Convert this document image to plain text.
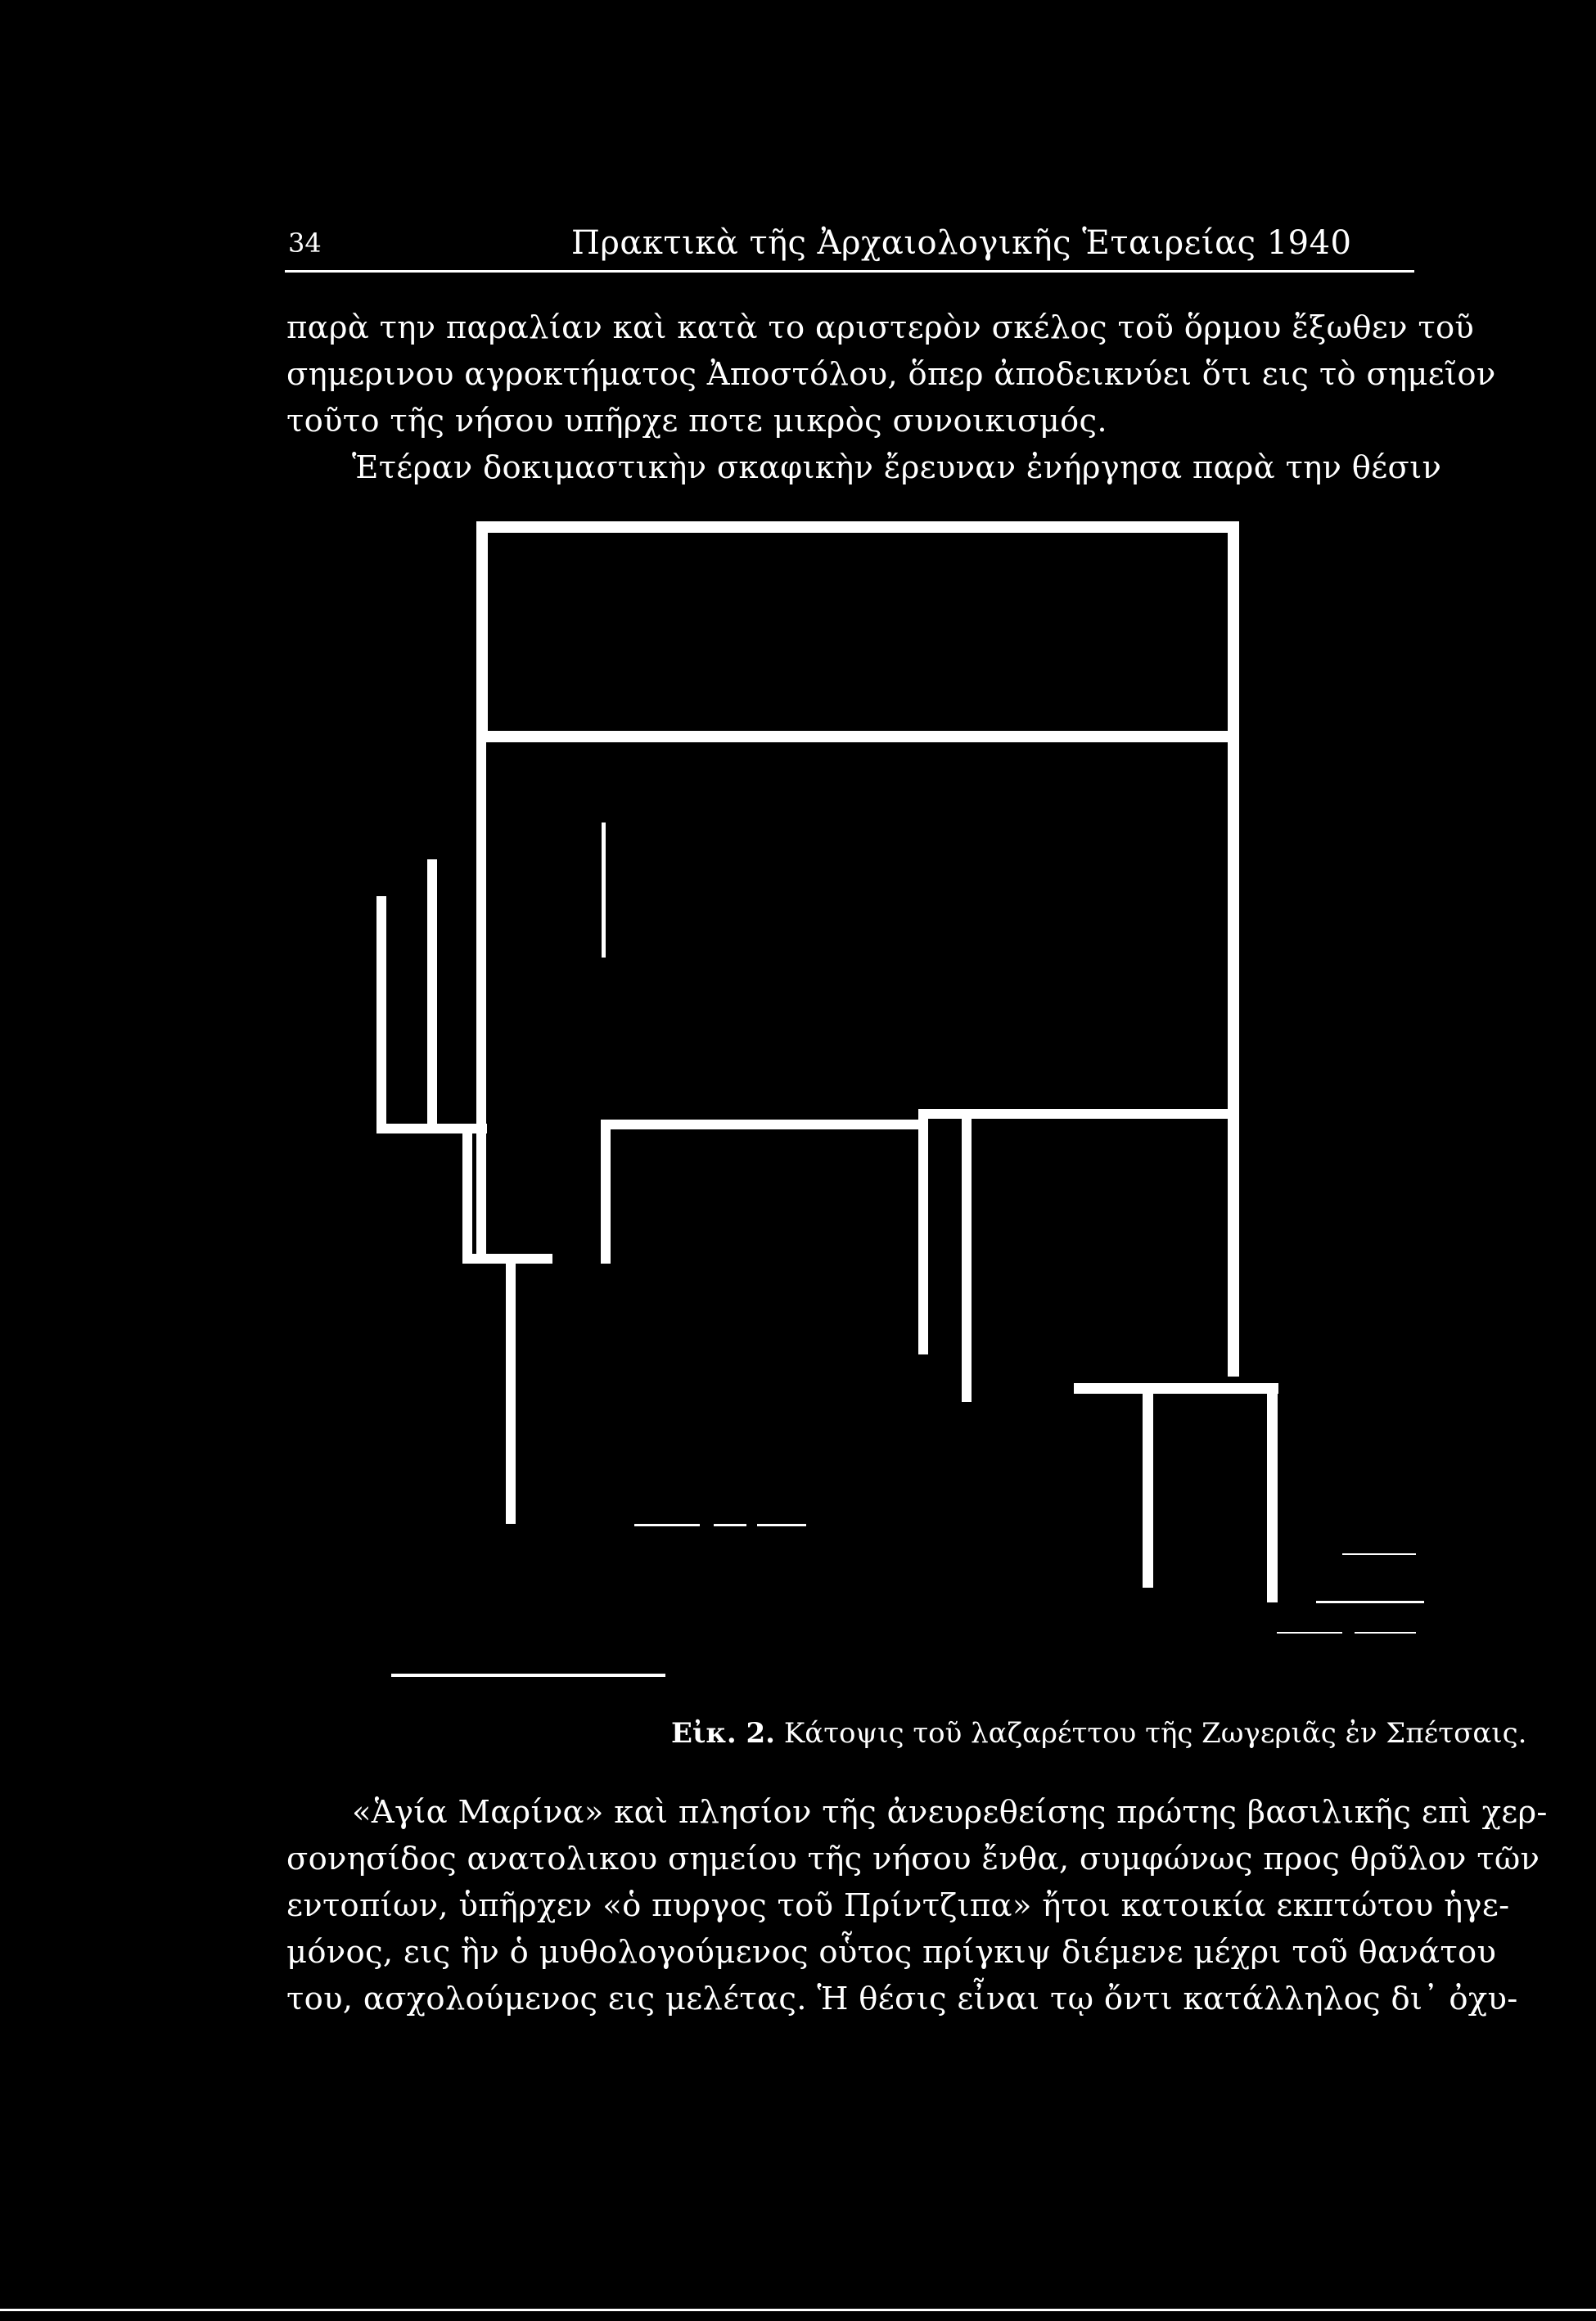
34	Πρακτικὰ τῆς Ἀρχαιολογικῆς Ἑταιρείας 1940

παρὰ την παραλίαν καὶ κατὰ το αριστερὸν σκέλος τοῦ ὅρμου ἔξωθεν τοῦ
σημερινου αγροκτήματος Ἀποστόλου, ὅπερ ἀποδεικνύει ὅτι εις τὸ σημεῖον
τοῦτο τῆς νήσου υπῆρχε ποτε μικρὸς συνοικισμός.
Ἑτέραν δοκιμαστικὴν σκαφικὴν ἔρευναν ἐνήργησα παρὰ την θέσιν

Εἰκ. 2. Κάτοψις τοῦ λαζαρέττου τῆς Ζωγεριᾶς ἐν Σπέτσαις.

«Ἁγία Μαρίνα» καὶ πλησίον τῆς ἀνευρεθείσης πρώτης βασιλικῆς επὶ χερ-
σονησίδος ανατολικου σημείου τῆς νήσου ἔνθα, συμφώνως προς θρῦλον τῶν
εντοπίων, ὑπῆρχεν «ὁ πυργος τοῦ Πρίντζιπα» ἤτοι κατοικία εκπτώτου ἡγε-
μόνος, εις ἣν ὁ μυθολογούμενος οὗτος πρίγκιψ διέμενε μέχρι τοῦ θανάτου
του, ασχολούμενος εις μελέτας. Ἡ θέσις εἶναι τῳ ὄντι κατάλληλος δι᾽ ὀχυ-
